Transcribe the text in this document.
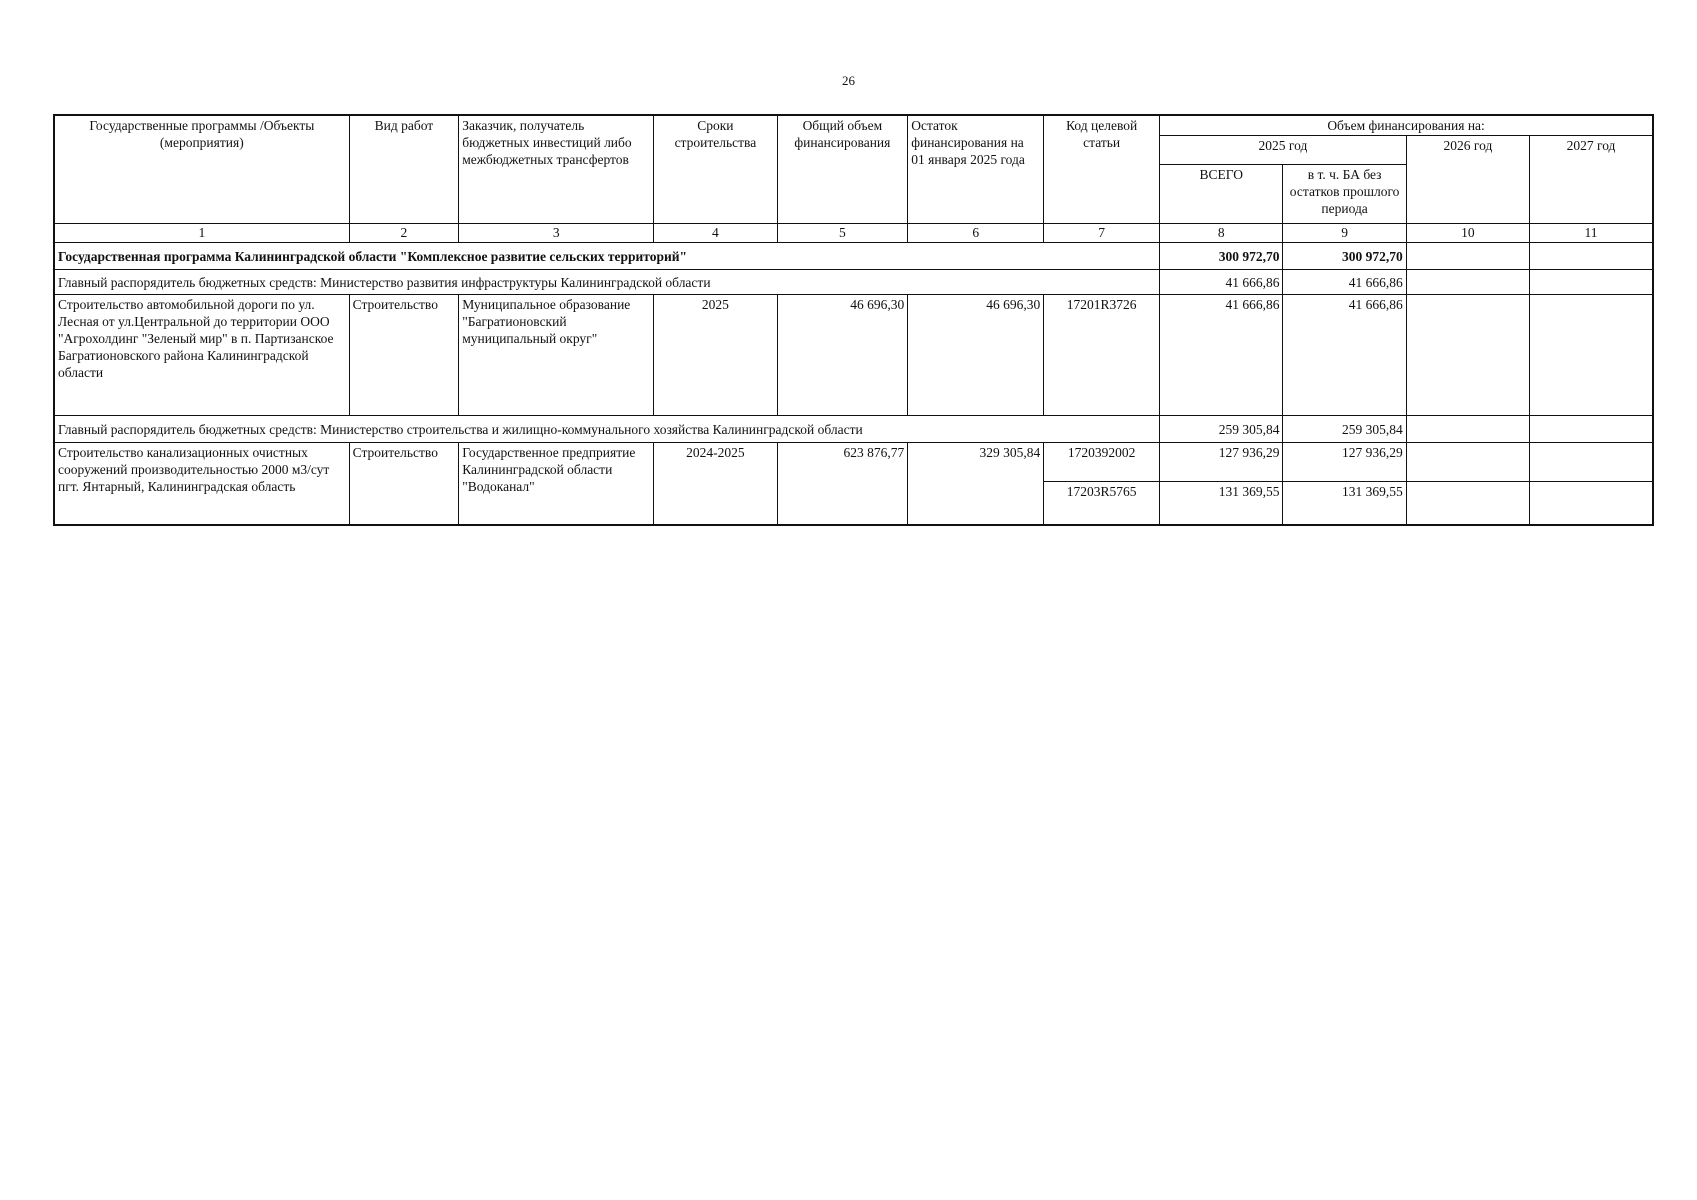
26
Государственные программы /Объекты (мероприятия)	Вид работ	Заказчик, получатель бюджетных инвестиций либо межбюджетных трансфертов	Сроки строительства	Общий объем финансирования	Остаток финансирования на 01 января 2025 года	Код целевой статьи	Объем финансирования на:			
							2025 год		2026 год	2027 год
							ВСЕГО	в т. ч. БА без остатков прошлого периода		
1	2	3	4	5	6	7	8	9	10	11
Государственная программа Калининградской области "Комплексное развитие сельских территорий"							300 972,70	300 972,70		
Главный распорядитель бюджетных средств: Министерство развития инфраструктуры Калининградской области							41 666,86	41 666,86		
Строительство автомобильной дороги по ул. Лесная от ул.Центральной до территории ООО "Агрохолдинг "Зеленый мир" в п. Партизанское Багратионовского района Калининградской области	Строительство	Муниципальное образование "Багратионовский муниципальный округ"	2025	46 696,30	46 696,30	17201R3726	41 666,86	41 666,86		
Главный распорядитель бюджетных средств: Министерство строительства и жилищно-коммунального хозяйства Калининградской области							259 305,84	259 305,84		
Строительство канализационных очистных сооружений производительностью 2000 м3/сут пгт. Янтарный, Калининградская область	Строительство	Государственное предприятие Калининградской области "Водоканал"	2024-2025	623 876,77	329 305,84	1720392002	127 936,29	127 936,29		
						17203R5765	131 369,55	131 369,55		
